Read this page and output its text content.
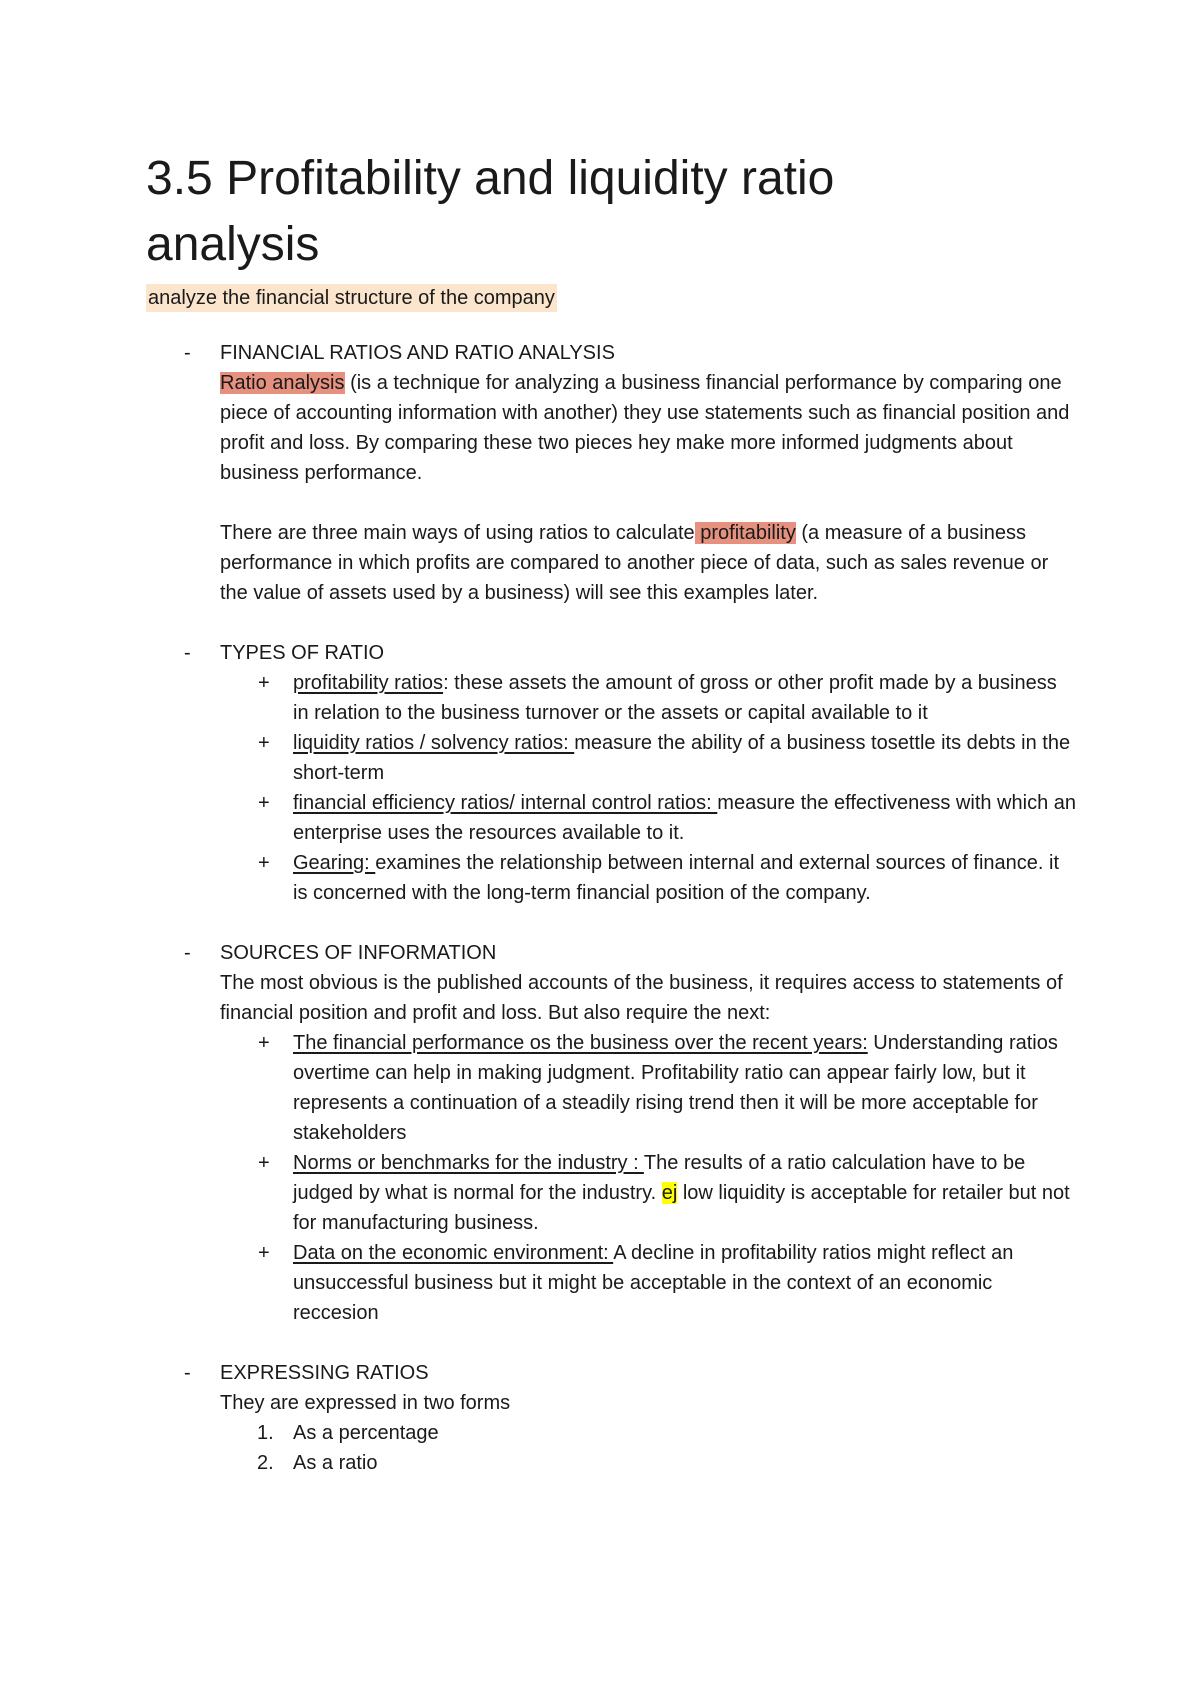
3.5 Profitability and liquidity ratio analysis
analyze the financial structure of the company
- FINANCIAL RATIOS AND RATIO ANALYSIS

Ratio analysis (is a technique for analyzing a business financial performance by comparing one piece of accounting information with another) they use statements such as financial position and profit and loss. By comparing these two pieces hey make more informed judgments about business performance.

There are three main ways of using ratios to calculate profitability (a measure of a business performance in which profits are compared to another piece of data, such as sales revenue or the value of assets used by a business) will see this examples later.

- TYPES OF RATIO
+ profitability ratios: these assets the amount of gross or other profit made by a business in relation to the business turnover or the assets or capital available to it
+ liquidity ratios / solvency ratios: measure the ability of a business tosettle its debts in the short-term
+ financial efficiency ratios/ internal control ratios: measure the effectiveness with which an enterprise uses the resources available to it.
+ Gearing: examines the relationship between internal and external sources of finance. it is concerned with the long-term financial position of the company.
- SOURCES OF INFORMATION

The most obvious is the published accounts of the business, it requires access to statements of financial position and profit and loss. But also require the next:

+ The financial performance os the business over the recent years: Understanding ratios overtime can help in making judgment. Profitability ratio can appear fairly low, but it represents a continuation of a steadily rising trend then it will be more acceptable for stakeholders
+ Norms or benchmarks for the industry : The results of a ratio calculation have to be judged by what is normal for the industry. ej low liquidity is acceptable for retailer but not for manufacturing business.
+ Data on the economic environment: A decline in profitability ratios might reflect an unsuccessful business but it might be acceptable in the context of an economic reccesion
- EXPRESSING RATIOS

They are expressed in two forms

1. As a percentage
2. As a ratio
